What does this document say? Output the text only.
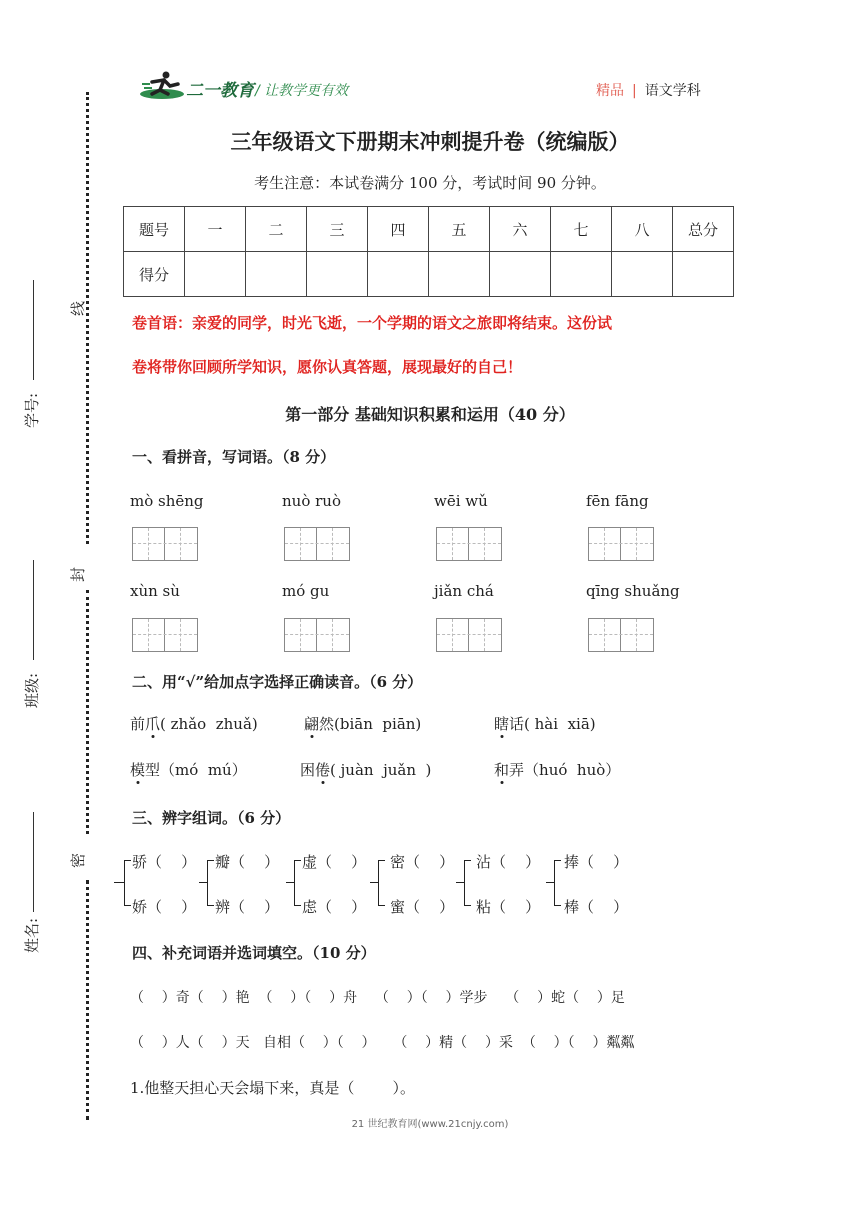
学号:
班级:
姓名:
线
封
密
二一教育 / 让教学更有效	精品 | 语文学科
三年级语文下册期末冲刺提升卷（统编版）
考生注意：本试卷满分 100 分，考试时间 90 分钟。
题号	一	二	三	四	五	六	七	八	总分
得分									
卷首语：亲爱的同学，时光飞逝，一个学期的语文之旅即将结束。这份试
卷将带你回顾所学知识，愿你认真答题，展现最好的自己！
第一部分 基础知识积累和运用（40 分）
一、看拼音，写词语。（8 分）
mò shēng	nuò ruò	wēi wǔ	fēn fāng
xùn sù	mó gu	jiǎn chá	qīng shuǎng
二、用“√”给加点字选择正确读音。（6 分）
前爪( zhǎo  zhuǎ)	翩然(biān  piān)	瞎话( hài  xiā)
模型（mó  mú）	困倦( juàn  juǎn  )	和弄（huó  huò）
三、辨字组词。（6 分）
骄（    ）
娇（    ）
瓣（    ）
辨（    ）
虚（    ）
虑（    ）
密（    ）
蜜（    ）
沾（    ）
粘（    ）
捧（    ）
棒（    ）
四、补充词语并选词填空。（10 分）
（    ）奇（    ）艳  （    ）（    ）舟    （    ）（    ）学步    （    ）蛇（    ）足
（    ）人（    ）天   自相（    ）（    ）    （    ）精（    ）采  （    ）（    ）粼粼
1.他整天担心天会塌下来，真是（        ）。
21 世纪教育网(www.21cnjy.com)
